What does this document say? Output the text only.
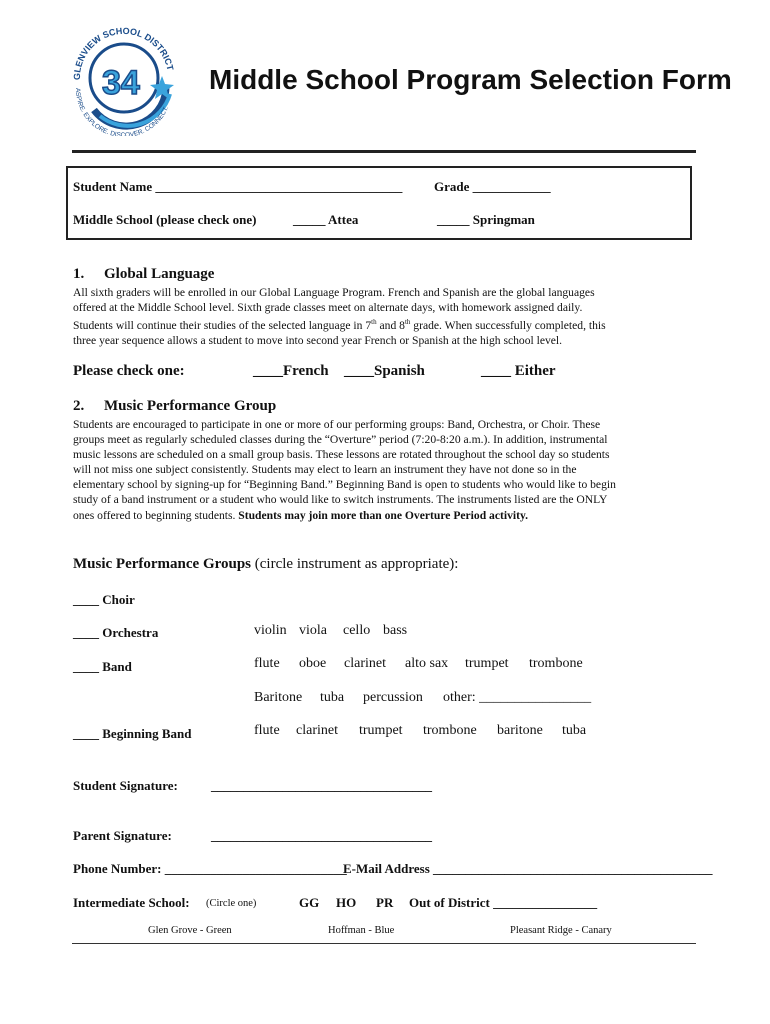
GLENVIEW SCHOOL DISTRICT
34
ASPIRE. EXPLORE. DISCOVER. CONNECT.
Middle School Program Selection Form
Student Name ______________________________________ Grade ____________
Middle School (please check one)	_____ Attea	_____ Springman
1. Global Language

All sixth graders will be enrolled in our Global Language Program. French and Spanish are the global languages

offered at the Middle School level. Sixth grade classes meet on alternate days, with homework assigned daily.

Students will continue their studies of the selected language in 7th and 8th grade. When successfully completed, this

three year sequence allows a student to move into second year French or Spanish at the high school level.

Please check one:	____French ____Spanish	____ Either
2. Music Performance Group

Students are encouraged to participate in one or more of our performing groups: Band, Orchestra, or Choir. These

groups meet as regularly scheduled classes during the “Overture” period (7:20-8:20 a.m.). In addition, instrumental

music lessons are scheduled on a small group basis. These lessons are rotated throughout the school day so students

will not miss one subject consistently. Students may elect to learn an instrument they have not done so in the

elementary school by signing-up for “Beginning Band.” Beginning Band is open to students who would like to begin

study of a band instrument or a student who would like to switch instruments. The instruments listed are the ONLY

ones offered to beginning students. Students may join more than one Overture Period activity.

Music Performance Groups (circle instrument as appropriate):
____ Choir
____ Orchestra	violin viola cello bass
____ Band	flute oboe clarinet alto sax trumpet trombone
Baritone tuba percussion other: ________________
____ Beginning Band	flute clarinet trumpet trombone baritone tuba
Student Signature:	__________________________________
Parent Signature:	__________________________________
Phone Number: ____________________________
E-Mail Address ___________________________________________
Intermediate School: (Circle one)	GG HO PR Out of District ________________
Glen Grove - Green	Hoffman - Blue	Pleasant Ridge - Canary
